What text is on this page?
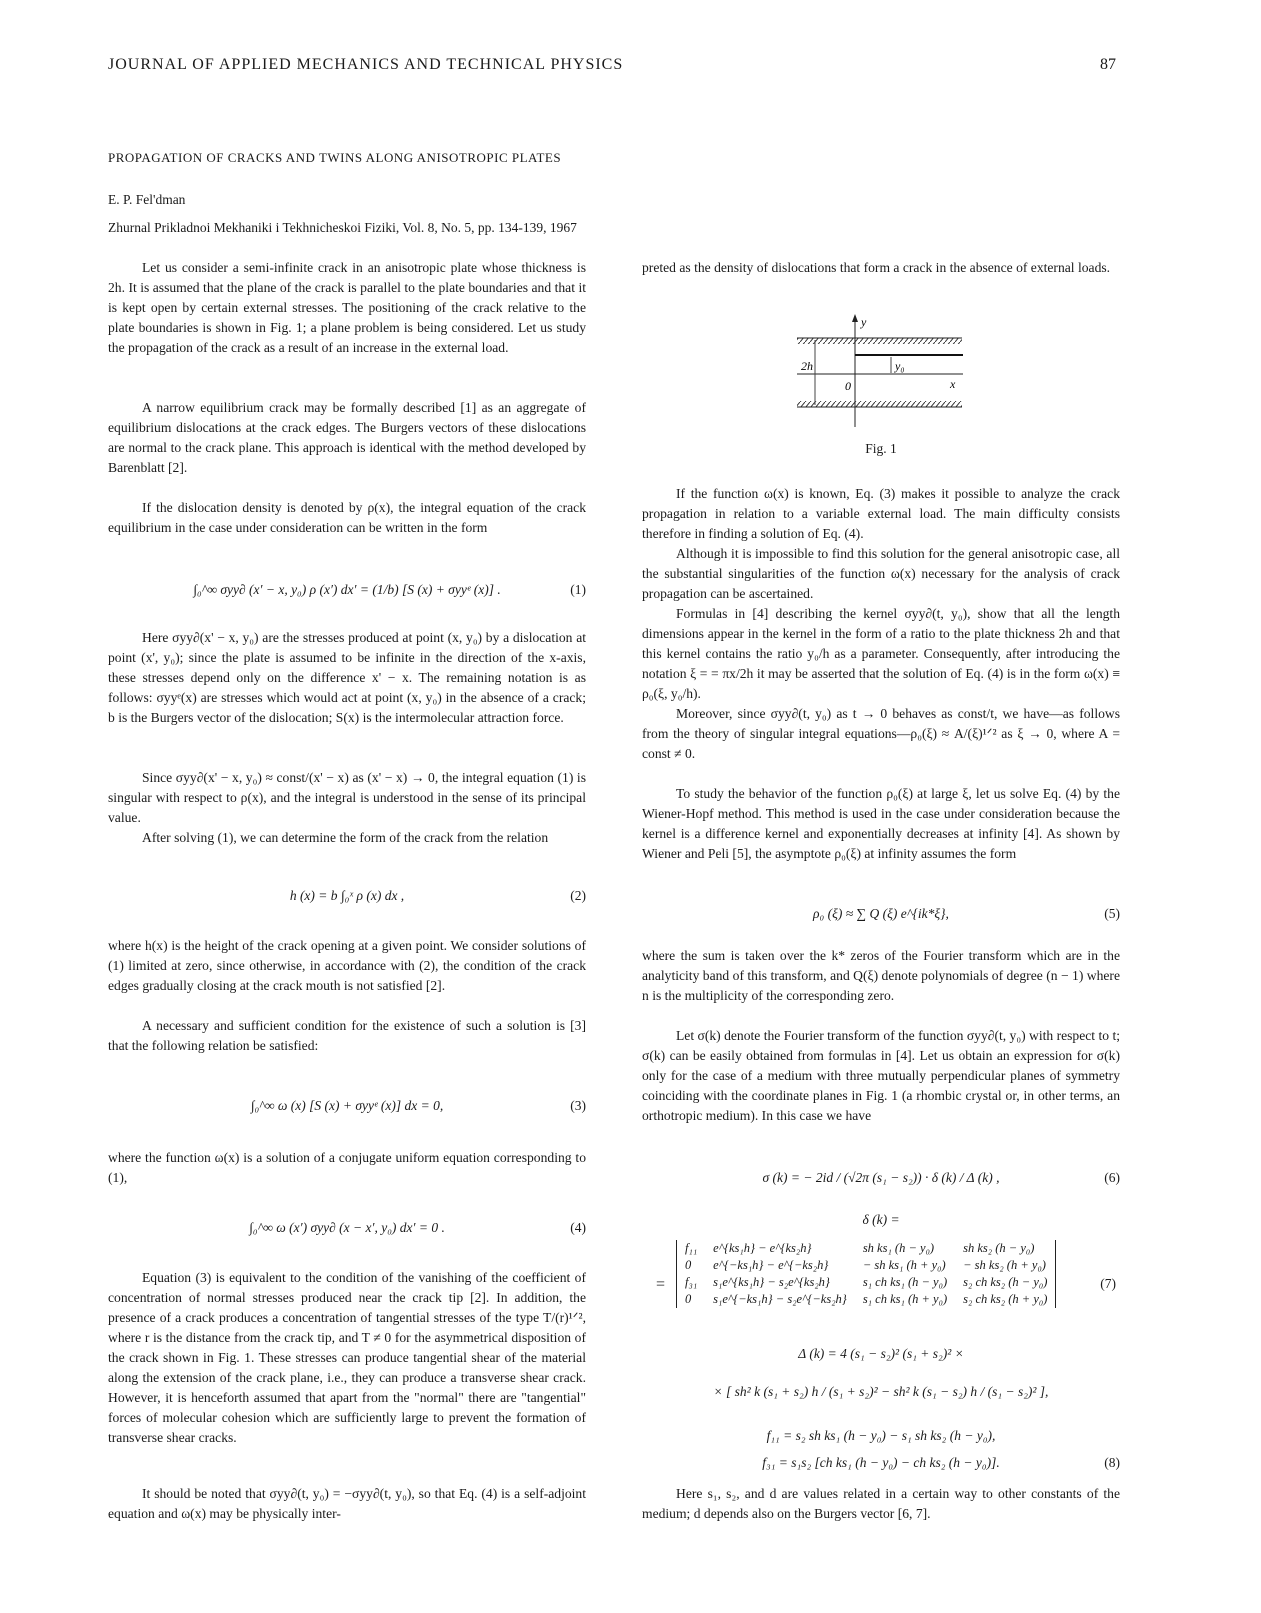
JOURNAL OF APPLIED MECHANICS AND TECHNICAL PHYSICS	87
PROPAGATION OF CRACKS AND TWINS ALONG ANISOTROPIC PLATES
E. P. Fel'dman
Zhurnal Prikladnoi Mekhaniki i Tekhnicheskoi Fiziki, Vol. 8, No. 5, pp. 134-139, 1967
Let us consider a semi-infinite crack in an anisotropic plate whose thickness is 2h. It is assumed that the plane of the crack is parallel to the plate boundaries and that it is kept open by certain external stresses. The positioning of the crack relative to the plate boundaries is shown in Fig. 1; a plane problem is being considered. Let us study the propagation of the crack as a result of an increase in the external load.
A narrow equilibrium crack may be formally described [1] as an aggregate of equilibrium dislocations at the crack edges. The Burgers vectors of these dislocations are normal to the crack plane. This approach is identical with the method developed by Barenblatt [2].
If the dislocation density is denoted by ρ(x), the integral equation of the crack equilibrium in the case under consideration can be written in the form
∫₀^∞ σyy∂ (x′ − x, y₀) ρ (x′) dx′ = (1/b) [S (x) + σyyᵉ (x)] .	(1)
Here σyy∂(x' − x, y₀) are the stresses produced at point (x, y₀) by a dislocation at point (x', y₀); since the plate is assumed to be infinite in the direction of the x-axis, these stresses depend only on the difference x' − x. The remaining notation is as follows: σyyᵉ(x) are stresses which would act at point (x, y₀) in the absence of a crack; b is the Burgers vector of the dislocation; S(x) is the intermolecular attraction force.
Since σyy∂(x' − x, y₀) ≈ const/(x' − x) as (x' − x) → 0, the integral equation (1) is singular with respect to ρ(x), and the integral is understood in the sense of its principal value.
After solving (1), we can determine the form of the crack from the relation
h (x) = b ∫₀ˣ ρ (x) dx ,	(2)
where h(x) is the height of the crack opening at a given point. We consider solutions of (1) limited at zero, since otherwise, in accordance with (2), the condition of the crack edges gradually closing at the crack mouth is not satisfied [2].
A necessary and sufficient condition for the existence of such a solution is [3] that the following relation be satisfied:
∫₀^∞ ω (x) [S (x) + σyyᵉ (x)] dx = 0,	(3)
where the function ω(x) is a solution of a conjugate uniform equation corresponding to (1),
∫₀^∞ ω (x′) σyy∂ (x − x′, y₀) dx′ = 0 .	(4)
Equation (3) is equivalent to the condition of the vanishing of the coefficient of concentration of normal stresses produced near the crack tip [2]. In addition, the presence of a crack produces a concentration of tangential stresses of the type T/(r)¹ᐟ², where r is the distance from the crack tip, and T ≠ 0 for the asymmetrical disposition of the crack shown in Fig. 1. These stresses can produce tangential shear of the material along the extension of the crack plane, i.e., they can produce a transverse shear crack. However, it is henceforth assumed that apart from the "normal" there are "tangential" forces of molecular cohesion which are sufficiently large to prevent the formation of transverse shear cracks.
It should be noted that σyy∂(t, y₀) = −σyy∂(t, y₀), so that Eq. (4) is a self-adjoint equation and ω(x) may be physically inter-
preted as the density of dislocations that form a crack in the absence of external loads.
y
x
0
2h	y₀
Fig. 1
If the function ω(x) is known, Eq. (3) makes it possible to analyze the crack propagation in relation to a variable external load. The main difficulty consists therefore in finding a solution of Eq. (4).
Although it is impossible to find this solution for the general anisotropic case, all the substantial singularities of the function ω(x) necessary for the analysis of crack propagation can be ascertained.
Formulas in [4] describing the kernel σyy∂(t, y₀), show that all the length dimensions appear in the kernel in the form of a ratio to the plate thickness 2h and that this kernel contains the ratio y₀/h as a parameter. Consequently, after introducing the notation ξ = = πx/2h it may be asserted that the solution of Eq. (4) is in the form ω(x) ≡ ρ₀(ξ, y₀/h).
Moreover, since σyy∂(t, y₀) as t → 0 behaves as const/t, we have—as follows from the theory of singular integral equations—ρ₀(ξ) ≈ A/(ξ)¹ᐟ² as ξ → 0, where A = const ≠ 0.
To study the behavior of the function ρ₀(ξ) at large ξ, let us solve Eq. (4) by the Wiener-Hopf method. This method is used in the case under consideration because the kernel is a difference kernel and exponentially decreases at infinity [4]. As shown by Wiener and Peli [5], the asymptote ρ₀(ξ) at infinity assumes the form
ρ₀ (ξ) ≈ ∑ Q (ξ) e^{ik*ξ},	(5)
where the sum is taken over the k* zeros of the Fourier transform which are in the analyticity band of this transform, and Q(ξ) denote polynomials of degree (n − 1) where n is the multiplicity of the corresponding zero.
Let σ(k) denote the Fourier transform of the function σyy∂(t, y₀) with respect to t; σ(k) can be easily obtained from formulas in [4]. Let us obtain an expression for σ(k) only for the case of a medium with three mutually perpendicular planes of symmetry coinciding with the coordinate planes in Fig. 1 (a rhombic crystal or, in other terms, an orthotropic medium). In this case we have
σ (k) = − 2id / (√2π (s₁ − s₂)) · δ (k) / Δ (k) ,	(6)
δ (k) =
=
f₁₁	e^{ks₁h} − e^{ks₂h}	sh ks₁ (h − y₀)	sh ks₂ (h − y₀)
0	e^{−ks₁h} − e^{−ks₂h}	− sh ks₁ (h + y₀)	− sh ks₂ (h + y₀)
f₃₁	s₁e^{ks₁h} − s₂e^{ks₂h}	s₁ ch ks₁ (h − y₀)	s₂ ch ks₂ (h − y₀)
0	s₁e^{−ks₁h} − s₂e^{−ks₂h}	s₁ ch ks₁ (h + y₀)	s₂ ch ks₂ (h + y₀)
(7)
Δ (k) = 4 (s₁ − s₂)² (s₁ + s₂)² ×
× [ sh² k (s₁ + s₂) h / (s₁ + s₂)² − sh² k (s₁ − s₂) h / (s₁ − s₂)² ],
f₁₁ = s₂ sh ks₁ (h − y₀) − s₁ sh ks₂ (h − y₀),
f₃₁ = s₁s₂ [ch ks₁ (h − y₀) − ch ks₂ (h − y₀)].	(8)
Here s₁, s₂, and d are values related in a certain way to other constants of the medium; d depends also on the Burgers vector [6, 7].
